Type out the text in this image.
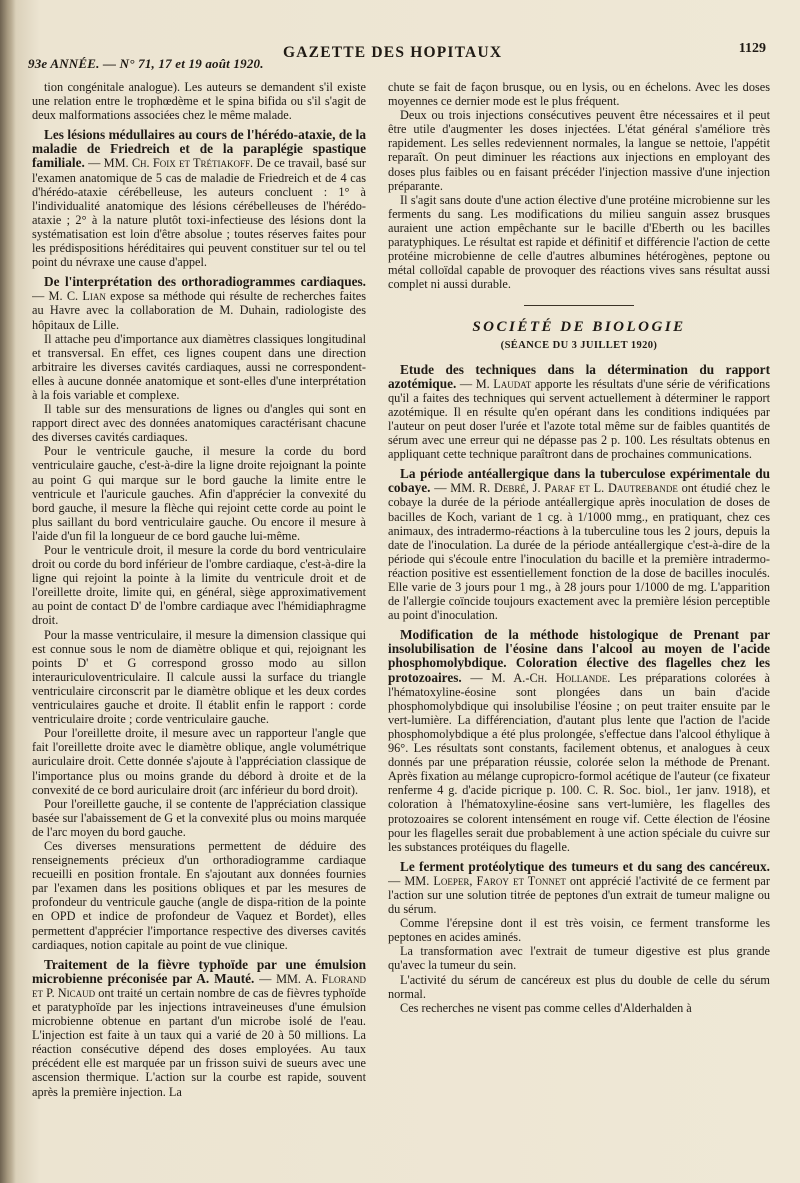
93e ANNÉE. — N° 71, 17 et 19 août 1920.
GAZETTE DES HOPITAUX	1129

tion congénitale analogue). Les auteurs se demandent s'il existe une relation entre le trophœdème et le spina bifida ou s'il s'agit de deux malformations associées chez le même malade.

Les lésions médullaires au cours de l'hérédo-ataxie, de la maladie de Friedreich et de la paraplégie spastique familiale. — MM. Ch. Foix et Trétiakoff. De ce travail, basé sur l'examen anatomique de 5 cas de maladie de Friedreich et de 4 cas d'hérédo-ataxie cérébelleuse, les auteurs concluent : 1° à l'individualité anatomique des lésions cérébelleuses de l'hérédo-ataxie ; 2° à la nature plutôt toxi-infectieuse des lésions dont la systématisation est loin d'être absolue ; toutes réserves faites pour les prédispositions héréditaires qui peuvent constituer sur tel ou tel point du névraxe une cause d'appel.

De l'interprétation des orthoradiogrammes cardiaques. — M. C. Lian expose sa méthode qui résulte de recherches faites au Havre avec la collaboration de M. Duhain, radiologiste des hôpitaux de Lille.

Il attache peu d'importance aux diamètres classiques longitudinal et transversal. En effet, ces lignes coupent dans une direction arbitraire les diverses cavités cardiaques, aussi ne correspondent-elles à aucune donnée anatomique et sont-elles d'une interprétation à la fois variable et complexe.

Il table sur des mensurations de lignes ou d'angles qui sont en rapport direct avec des données anatomiques caractérisant chacune des diverses cavités cardiaques.

Pour le ventricule gauche, il mesure la corde du bord ventriculaire gauche, c'est-à-dire la ligne droite rejoignant la pointe au point G qui marque sur le bord gauche la limite entre le ventricule et l'auricule gauches. Afin d'apprécier la convexité du bord gauche, il mesure la flèche qui rejoint cette corde au point le plus saillant du bord ventriculaire gauche. Ou encore il mesure à l'aide d'un fil la longueur de ce bord gauche lui-même.

Pour le ventricule droit, il mesure la corde du bord ventriculaire droit ou corde du bord inférieur de l'ombre cardiaque, c'est-à-dire la ligne qui rejoint la pointe à la limite du ventricule droit et de l'oreillette droite, limite qui, en général, siège approximativement au point de contact D' de l'ombre cardiaque avec l'hémidiaphragme droit.

Pour la masse ventriculaire, il mesure la dimension classique qui est connue sous le nom de diamètre oblique et qui, rejoignant les points D' et G correspond grosso modo au sillon interauriculoventriculaire. Il calcule aussi la surface du triangle ventriculaire circonscrit par le diamètre oblique et les deux cordes ventriculaires gauche et droite. Il établit enfin le rapport : corde ventriculaire droite ; corde ventriculaire gauche.

Pour l'oreillette droite, il mesure avec un rapporteur l'angle que fait l'oreillette droite avec le diamètre oblique, angle volumétrique auriculaire droit. Cette donnée s'ajoute à l'appréciation classique de l'importance plus ou moins grande du débord à droite et de la convexité de ce bord auriculaire droit (arc inférieur du bord droit).

Pour l'oreillette gauche, il se contente de l'appréciation classique basée sur l'abaissement de G et la convexité plus ou moins marquée de l'arc moyen du bord gauche.

Ces diverses mensurations permettent de déduire des renseignements précieux d'un orthoradiogramme cardiaque recueilli en position frontale. En s'ajoutant aux données fournies par l'examen dans les positions obliques et par les mesures de profondeur du ventricule gauche (angle de dispa-rition de la pointe en OPD et indice de profondeur de Vaquez et Bordet), elles permettent d'apprécier l'importance respective des diverses cavités cardiaques, notion capitale au point de vue clinique.

Traitement de la fièvre typhoïde par une émulsion microbienne préconisée par A. Mauté. — MM. A. Florand et P. Nicaud ont traité un certain nombre de cas de fièvres typhoïde et paratyphoïde par les injections intraveineuses d'une émulsion microbienne obtenue en partant d'un microbe isolé de l'eau. L'injection est faite à un taux qui a varié de 20 à 50 millions. La réaction consécutive dépend des doses employées. Au taux précédent elle est marquée par un frisson suivi de sueurs avec une ascension thermique. L'action sur la courbe est rapide, souvent après la première injection. La

chute se fait de façon brusque, ou en lysis, ou en échelons. Avec les doses moyennes ce dernier mode est le plus fréquent.

Deux ou trois injections consécutives peuvent être nécessaires et il peut être utile d'augmenter les doses injectées. L'état général s'améliore très rapidement. Les selles redeviennent normales, la langue se nettoie, l'appétit reparaît. On peut diminuer les réactions aux injections en employant des doses plus faibles ou en faisant précéder l'injection massive d'une injection préparante.

Il s'agit sans doute d'une action élective d'une protéine microbienne sur les ferments du sang. Les modifications du milieu sanguin assez brusques auraient une action empêchante sur le bacille d'Eberth ou les bacilles paratyphiques. Le résultat est rapide et définitif et différencie l'action de cette protéine microbienne de celle d'autres albumines hétérogènes, peptone ou métal colloïdal capable de provoquer des réactions vives sans résultat aussi complet ni aussi durable.

SOCIÉTÉ DE BIOLOGIE
(SÉANCE DU 3 JUILLET 1920)

Etude des techniques dans la détermination du rapport azotémique. — M. Laudat apporte les résultats d'une série de vérifications qu'il a faites des techniques qui servent actuellement à déterminer le rapport azotémique. Il en résulte qu'en opérant dans les conditions indiquées par l'auteur on peut doser l'urée et l'azote total même sur de faibles quantités de sérum avec une erreur qui ne dépasse pas 2 p. 100. Les résultats obtenus en appliquant cette technique paraîtront dans de prochaines communications.

La période antéallergique dans la tuberculose expérimentale du cobaye. — MM. R. Debré, J. Paraf et L. Dautrebande ont étudié chez le cobaye la durée de la période antéallergique après inoculation de doses de bacilles de Koch, variant de 1 cg. à 1/1000 mmg., en pratiquant, chez ces animaux, des intradermo-réactions à la tuberculine tous les 2 jours, depuis la date de l'inoculation. La durée de la période antéallergique c'est-à-dire de la période qui s'écoule entre l'inoculation du bacille et la première intradermo-réaction positive est essentiellement fonction de la dose de bacilles inoculés. Elle varie de 3 jours pour 1 mg., à 28 jours pour 1/1000 de mg. L'apparition de l'allergie coïncide toujours exactement avec la première lésion perceptible au point d'inoculation.

Modification de la méthode histologique de Prenant par insolubilisation de l'éosine dans l'alcool au moyen de l'acide phosphomolybdique. Coloration élective des flagelles chez les protozoaires. — M. A.-Ch. Hollande. Les préparations colorées à l'hématoxyline-éosine sont plongées dans un bain d'acide phosphomolybdique qui insolubilise l'éosine ; on peut traiter ensuite par le vert-lumière. La différenciation, d'autant plus lente que l'action de l'acide phosphomolybdique a été plus prolongée, s'effectue dans l'alcool éthylique à 96°. Les résultats sont constants, facilement obtenus, et analogues à ceux donnés par une préparation réussie, colorée selon la méthode de Prenant. Après fixation au mélange cupropicro-formol acétique de l'auteur (ce fixateur renferme 4 g. d'acide picrique p. 100. C. R. Soc. biol., 1er janv. 1918), et coloration à l'hématoxyline-éosine sans vert-lumière, les flagelles des protozoaires se colorent intensément en rouge vif. Cette élection de l'éosine pour les flagelles serait due probablement à une action spéciale du cuivre sur les substances protéiques du flagelle.

Le ferment protéolytique des tumeurs et du sang des cancéreux. — MM. Loeper, Faroy et Tonnet ont apprécié l'activité de ce ferment par l'action sur une solution titrée de peptones d'un extrait de tumeur maligne ou du sérum.

Comme l'érepsine dont il est très voisin, ce ferment transforme les peptones en acides aminés.

La transformation avec l'extrait de tumeur digestive est plus grande qu'avec la tumeur du sein.

L'activité du sérum de cancéreux est plus du double de celle du sérum normal.

Ces recherches ne visent pas comme celles d'Alderhalden à
